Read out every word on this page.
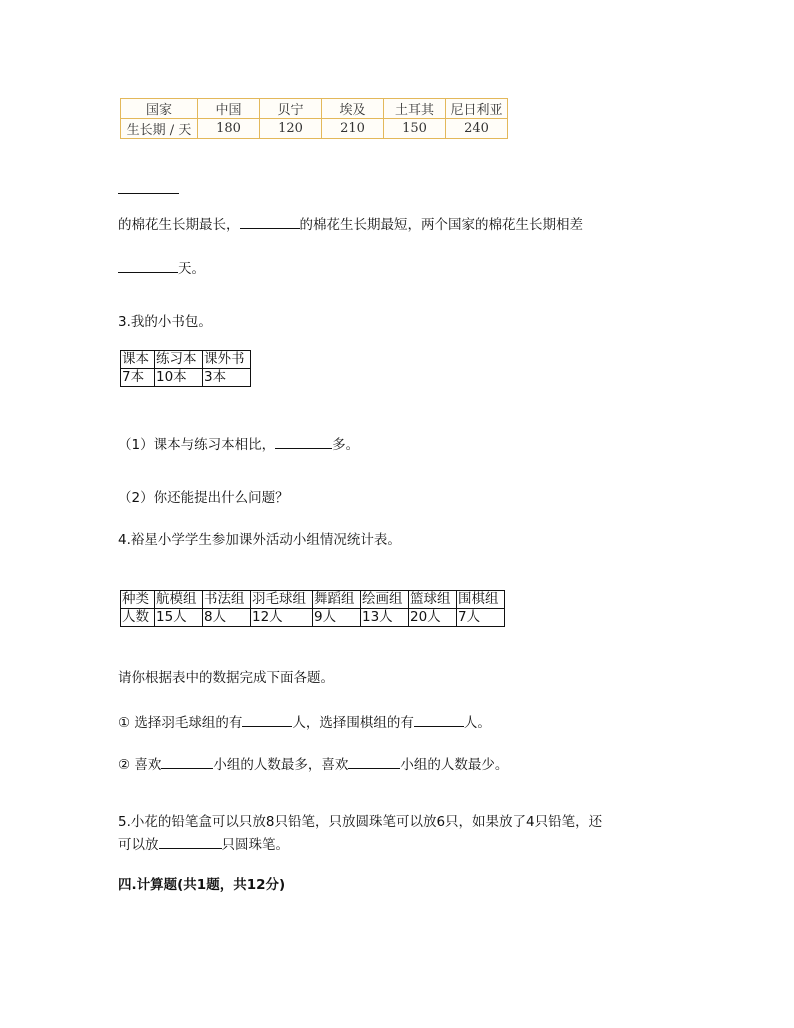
国家	中国	贝宁	埃及	土耳其	尼日利亚
生长期 / 天	180	120	210	150	240
的棉花生长期最长，	的棉花生长期最短，两个国家的棉花生长期相差
天。
3.我的小书包。
课本	练习本	课外书
7本	10本	3本
（1）课本与练习本相比，	多。
（2）你还能提出什么问题？
4.裕星小学学生参加课外活动小组情况统计表。
种类	航模组	书法组	羽毛球组	舞蹈组	绘画组	篮球组	围棋组
人数	15人	8人	12人	9人	13人	20人	7人
请你根据表中的数据完成下面各题。
① 选择羽毛球组的有	人，选择围棋组的有	人。
② 喜欢	小组的人数最多，喜欢	小组的人数最少。
5.小花的铅笔盒可以只放8只铅笔，只放圆珠笔可以放6只，如果放了4只铅笔，还
可以放	只圆珠笔。
四.计算题(共1题，共12分)
